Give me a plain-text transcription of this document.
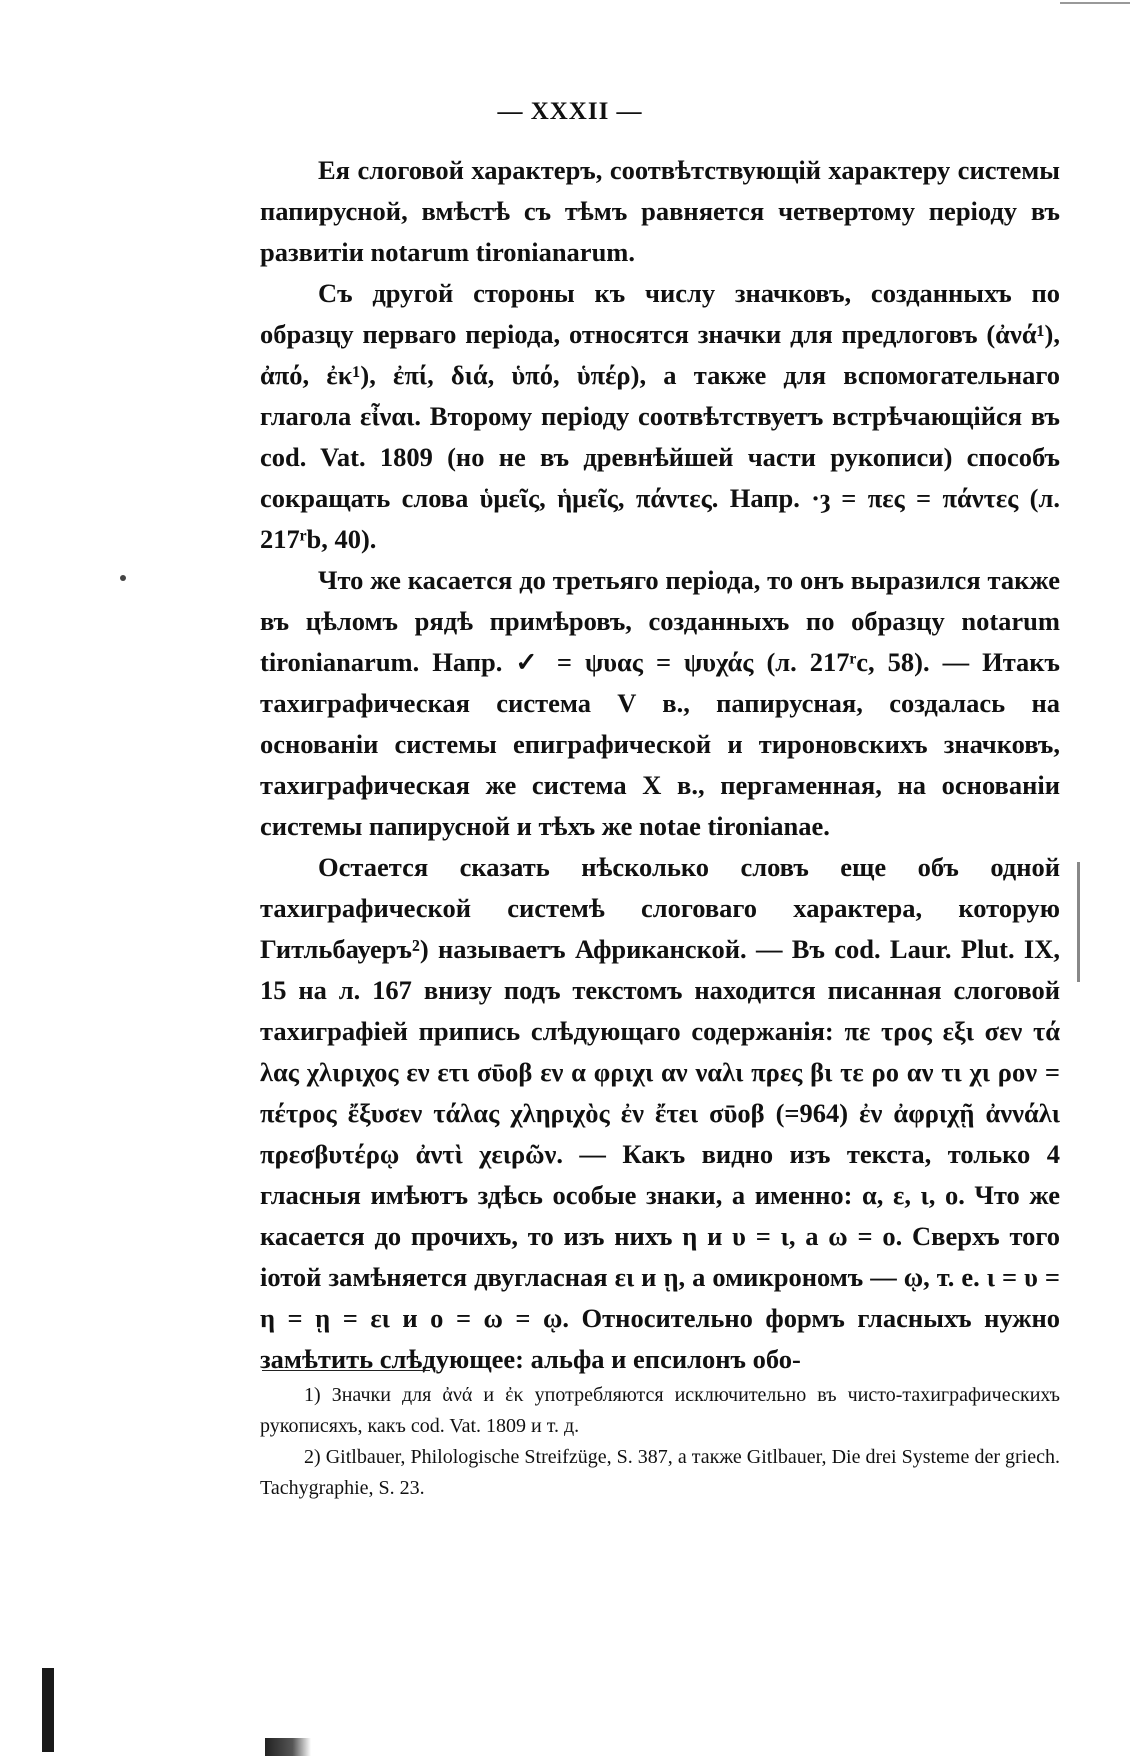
— XXXII —

Ея слоговой характеръ, соотвѣтствующій характеру системы папирусной, вмѣстѣ съ тѣмъ равняется четвертому періоду въ развитіи notarum tironianarum.

Съ другой стороны къ числу значковъ, созданныхъ по образцу перваго періода, относятся значки для предлоговъ (ἀνά¹), ἀπό, ἐκ¹), ἐπί, διά, ὑπό, ὑπέρ), а также для вспомогательнаго глагола εἶναι. Второму періоду соотвѣтствуетъ встрѣчающійся въ cod. Vat. 1809 (но не въ древнѣйшей части рукописи) способъ сокращать слова ὑμεῖς, ἡμεῖς, πάντες. Напр. ·ȝ = πες = πάντες (л. 217ʳb, 40).

Что же касается до третьяго періода, то онъ выразился также въ цѣломъ рядѣ примѣровъ, созданныхъ по образцу notarum tironianarum. Напр. ✓ = ψυας = ψυχάς (л. 217ʳc, 58). — Итакъ тахиграфическая система V в., папирусная, создалась на основаніи системы епиграфической и тироновскихъ значковъ, тахиграфическая же система X в., пергаменная, на основаніи системы папирусной и тѣхъ же notae tironianae.

Остается сказать нѣсколько словъ еще объ одной тахиграфической системѣ слоговаго характера, которую Гитльбауеръ²) называетъ Африканской. — Въ cod. Laur. Plut. IX, 15 на л. 167 внизу подъ текстомъ находится писанная слоговой тахиграфіей припись слѣдующаго содержанія: πε τρος εξι σεν τά λας χλιριχος εν ετι σῡοβ εν α φριχι αν ναλι πρες βι τε ρο αν τι χι ρον = πέτρος ἔξυσεν τάλας χληριχὸς ἐν ἔτει σῡοβ (=964) ἐν ἀφριχῇ ἀννάλι πρεσβυτέρῳ ἀντὶ χειρῶν. — Какъ видно изъ текста, только 4 гласныя имѣютъ здѣсь особые знаки, а именно: α, ε, ι, ο. Что же касается до прочихъ, то изъ нихъ η и υ = ι, а ω = ο. Сверхъ того іотой замѣняется двугласная ει и ῃ, а омикрономъ — ῳ, т. е. ι = υ = η = ῃ = ει и ο = ω = ῳ. Относительно формъ гласныхъ нужно замѣтить слѣдующее: альфа и епсилонъ обо-

1) Значки для ἀνά и ἐκ употребляются исключительно въ чисто-тахиграфическихъ рукописяхъ, какъ cod. Vat. 1809 и т. д.

2) Gitlbauer, Philologische Streifzüge, S. 387, а также Gitlbauer, Die drei Systeme der griech. Tachygraphie, S. 23.
